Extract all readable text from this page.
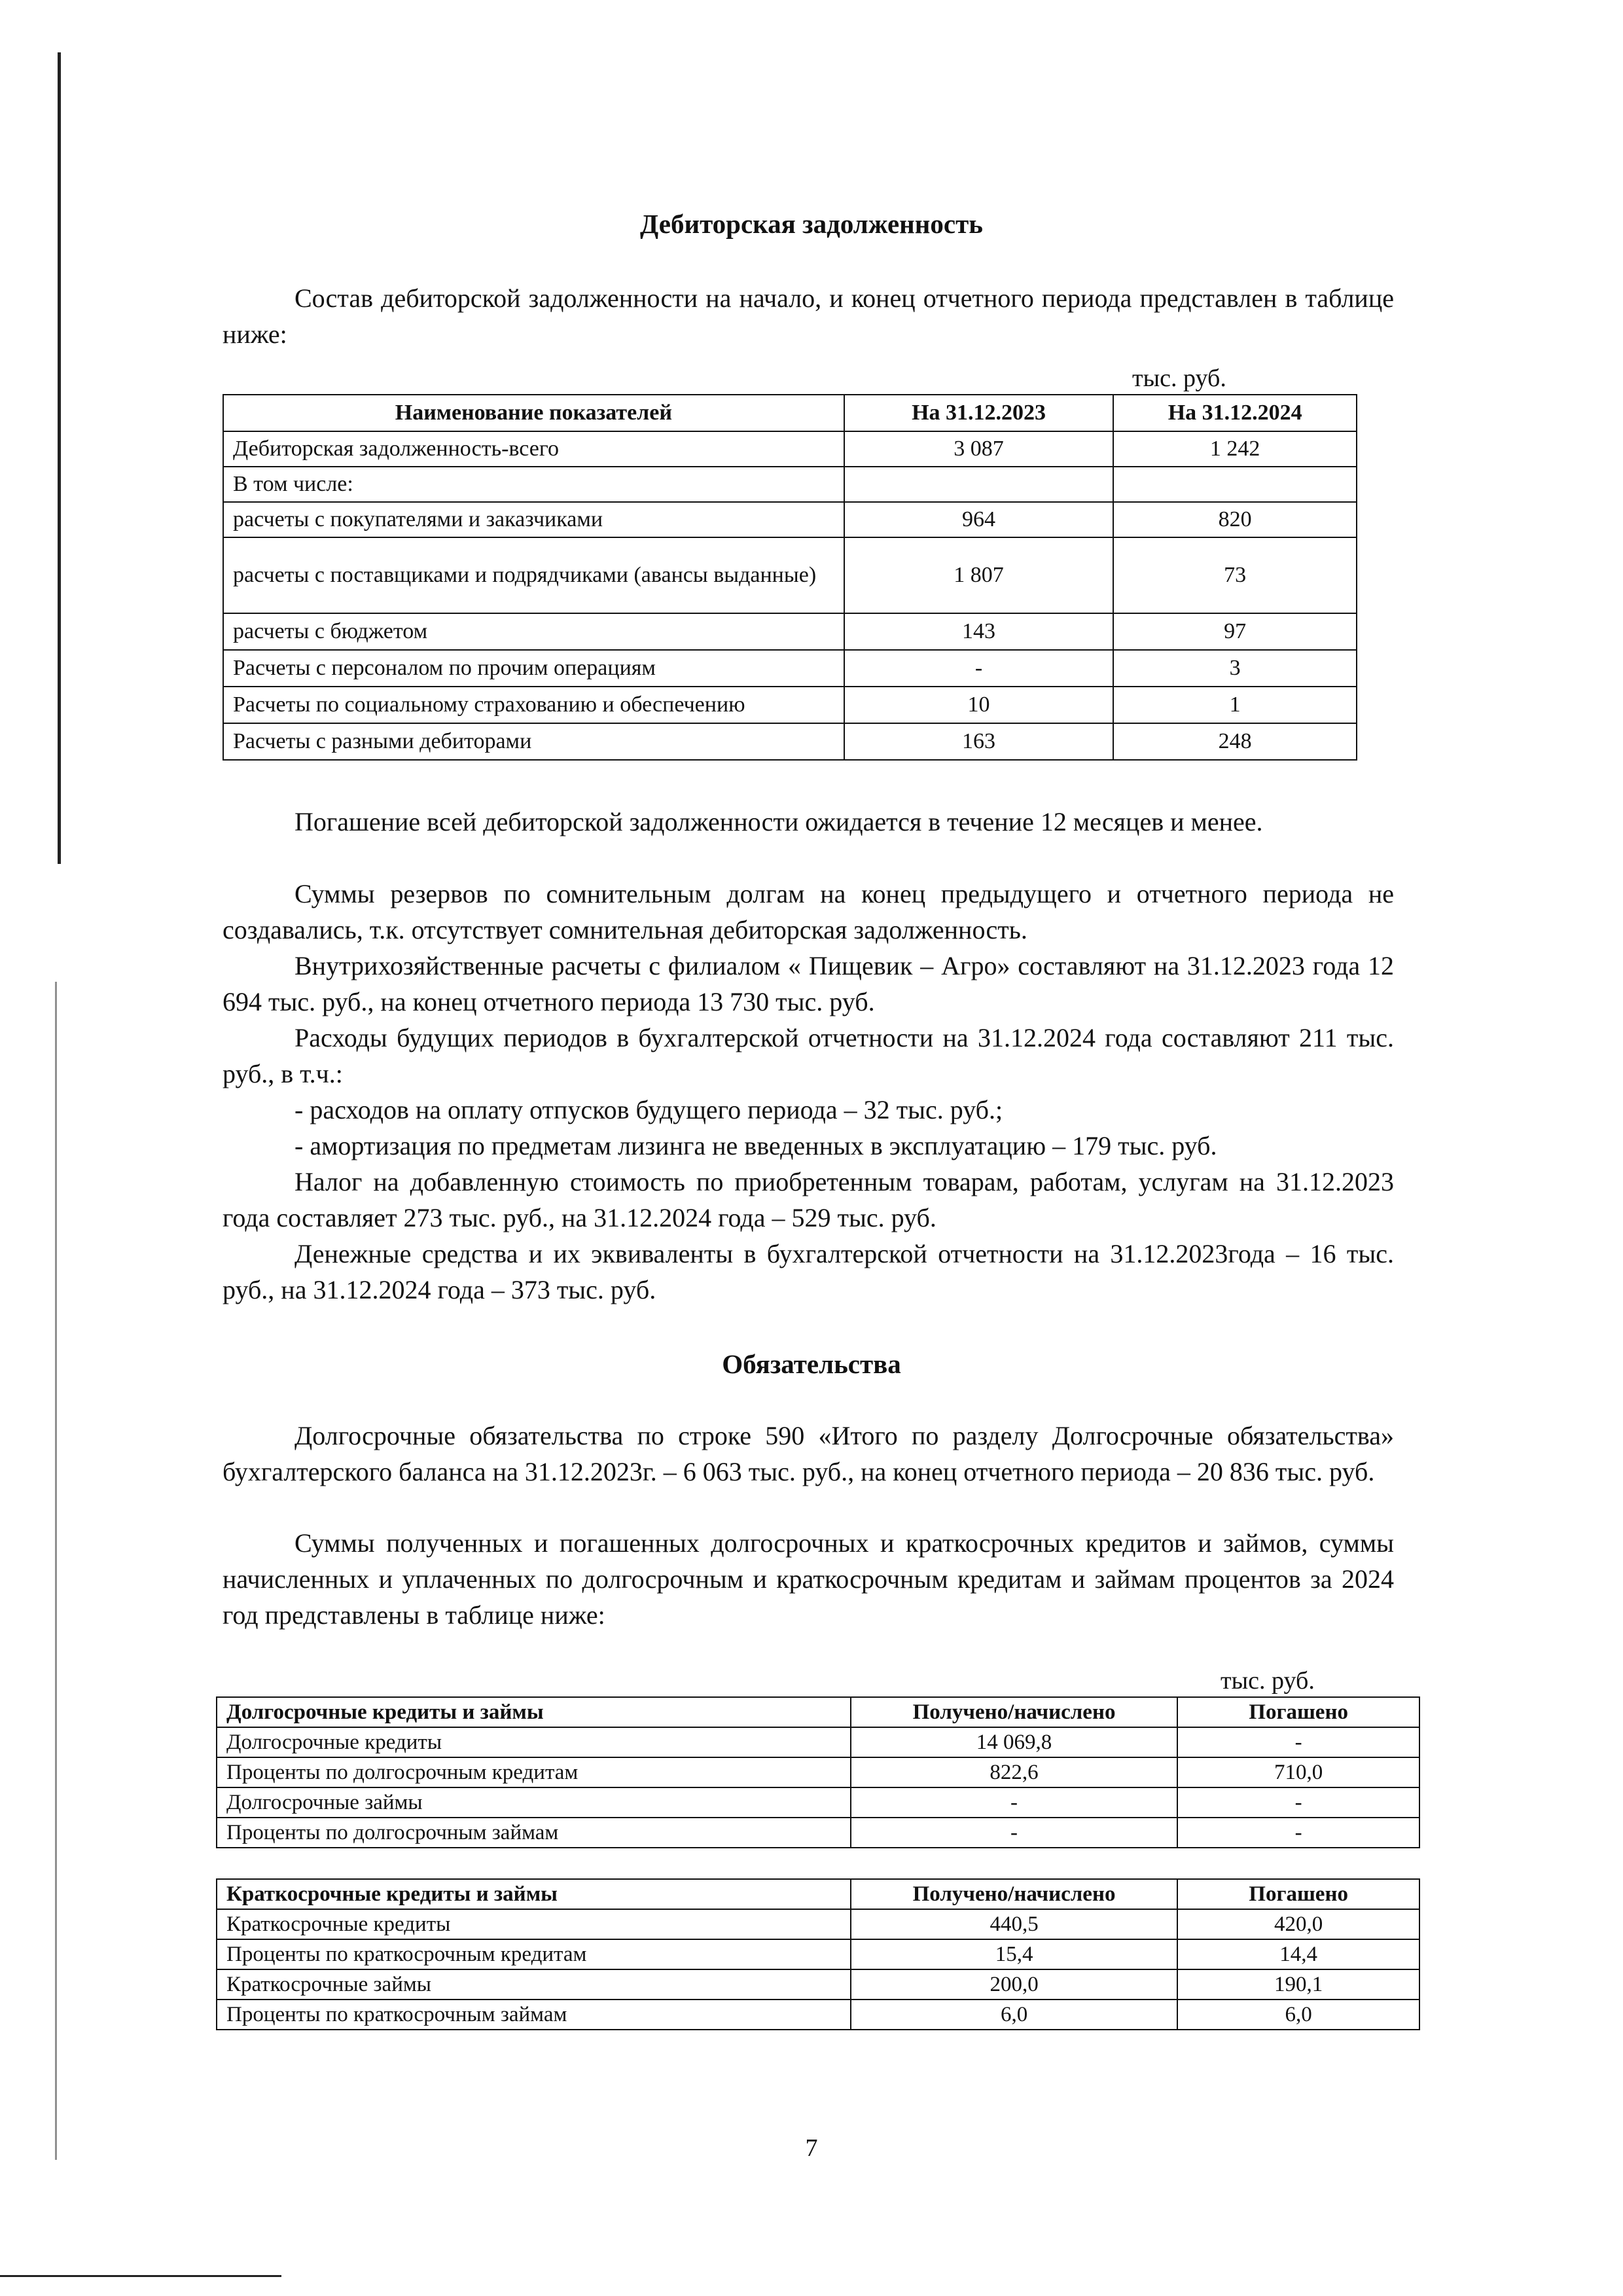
Дебиторская задолженность
Состав дебиторской задолженности на начало, и конец отчетного периода представлен в таблице ниже:
тыс. руб.
Наименование показателей	На 31.12.2023	На 31.12.2024
Дебиторская задолженность-всего	3 087	1 242
В том числе:		
расчеты с покупателями и заказчиками	964	820
расчеты с поставщиками и подрядчиками (авансы выданные)	1 807	73
расчеты с бюджетом	143	97
Расчеты с персоналом по прочим операциям	-	3
Расчеты по социальному страхованию и обеспечению	10	1
Расчеты с разными дебиторами	163	248
Погашение всей дебиторской задолженности ожидается в течение 12 месяцев и менее.
Суммы резервов по сомнительным долгам на конец предыдущего и отчетного периода не создавались, т.к. отсутствует сомнительная дебиторская задолженность.
Внутрихозяйственные расчеты с филиалом « Пищевик – Агро» составляют на 31.12.2023 года 12 694 тыс. руб., на конец отчетного периода 13 730 тыс. руб.
Расходы будущих периодов в бухгалтерской отчетности на 31.12.2024 года составляют 211 тыс. руб., в т.ч.:
- расходов на оплату отпусков будущего периода – 32 тыс. руб.;
- амортизация по предметам лизинга не введенных в эксплуатацию – 179 тыс. руб.
Налог на добавленную стоимость по приобретенным товарам, работам, услугам на 31.12.2023 года составляет 273 тыс. руб., на 31.12.2024 года – 529 тыс. руб.
Денежные средства и их эквиваленты в бухгалтерской отчетности на 31.12.2023года – 16 тыс. руб., на 31.12.2024 года – 373 тыс. руб.
Обязательства
Долгосрочные обязательства по строке 590 «Итого по разделу Долгосрочные обязательства» бухгалтерского баланса на 31.12.2023г. – 6 063 тыс. руб., на конец отчетного периода – 20 836 тыс. руб.
Суммы полученных и погашенных долгосрочных и краткосрочных кредитов и займов, суммы начисленных и уплаченных по долгосрочным и краткосрочным кредитам и займам процентов за 2024 год представлены в таблице ниже:
тыс. руб.
Долгосрочные кредиты и займы	Получено/начислено	Погашено
Долгосрочные кредиты	14 069,8	-
Проценты по долгосрочным кредитам	822,6	710,0
Долгосрочные займы	-	-
Проценты по долгосрочным займам	-	-
Краткосрочные кредиты и займы	Получено/начислено	Погашено
Краткосрочные кредиты	440,5	420,0
Проценты по краткосрочным кредитам	15,4	14,4
Краткосрочные займы	200,0	190,1
Проценты по краткосрочным займам	6,0	6,0
7
